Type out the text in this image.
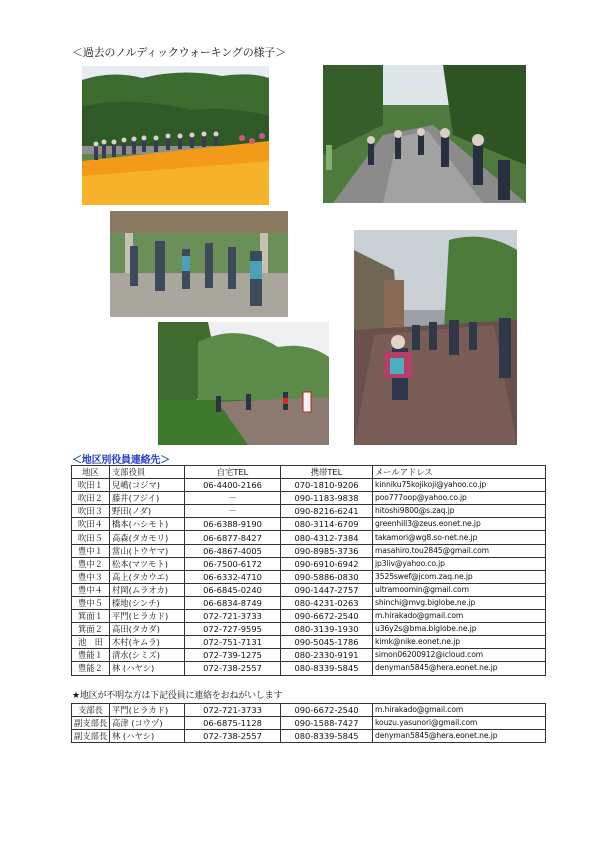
＜過去のノルディックウォーキングの様子＞
＜地区別役員連絡先＞
地区	支部役員	自宅TEL	携帯TEL	メールアドレス
吹田１	兒嶋(コジマ)	06-4400-2166	070-1810-9206	kinniku75kojikoji@yahoo.co.jp
吹田２	藤井(フジイ)	－	090-1183-9838	poo777oop@yahoo.co.jp
吹田３	野田(ノダ)	－	090-8216-6241	hitoshi9800@s.zaq.jp
吹田４	橋本(ハシモト)	06-6388-9190	080-3114-6709	greenhill3@zeus.eonet.ne.jp
吹田５	高森(タカモリ)	06-6877-8427	080-4312-7384	takamori@wg8.so-net.ne.jp
豊中１	當山(トウヤマ)	06-4867-4005	090-8985-3736	masahiro.tou2845@gmail.com
豊中２	松本(マツモト)	06-7500-6172	090-6910-6942	jp3liv@yahoo.co.jp
豊中３	高上(タカウエ)	06-6332-4710	090-5886-0830	3525swef@jcom.zaq.ne.jp
豊中４	村岡(ムラオカ)	06-6845-0240	090-1447-2757	ultramoomin@gmail.com
豊中５	榛地(シンチ)	06-6834-8749	080-4231-0263	shinchi@mvg.biglobe.ne.jp
箕面１	平門(ヒラカド)	072-721-3733	090-6672-2540	m.hirakado@gmail.com
箕面２	高田(タカダ)	072-727-9595	080-3139-1930	u36y2s@bma.biglobe.ne.jp
池　田	木村(キムラ)	072-751-7131	090-5045-1786	kimk@nike.eonet.ne.jp
豊能１	清水(シミズ)	072-739-1275	080-2330-9191	simon06200912@icloud.com
豊能２	林 (ハヤシ)	072-738-2557	080-8339-5845	denyman5845@hera.eonet.ne.jp
★地区が不明な方は下記役員に連絡をおねがいします
支部長	平門(ヒラカド)	072-721-3733	090-6672-2540	m.hirakado@gmail.com
副支部長	高津 (コウヅ)	06-6875-1128	090-1588-7427	kouzu.yasunori@gmail.com
副支部長	林 (ハヤシ)	072-738-2557	080-8339-5845	denyman5845@hera.eonet.ne.jp
